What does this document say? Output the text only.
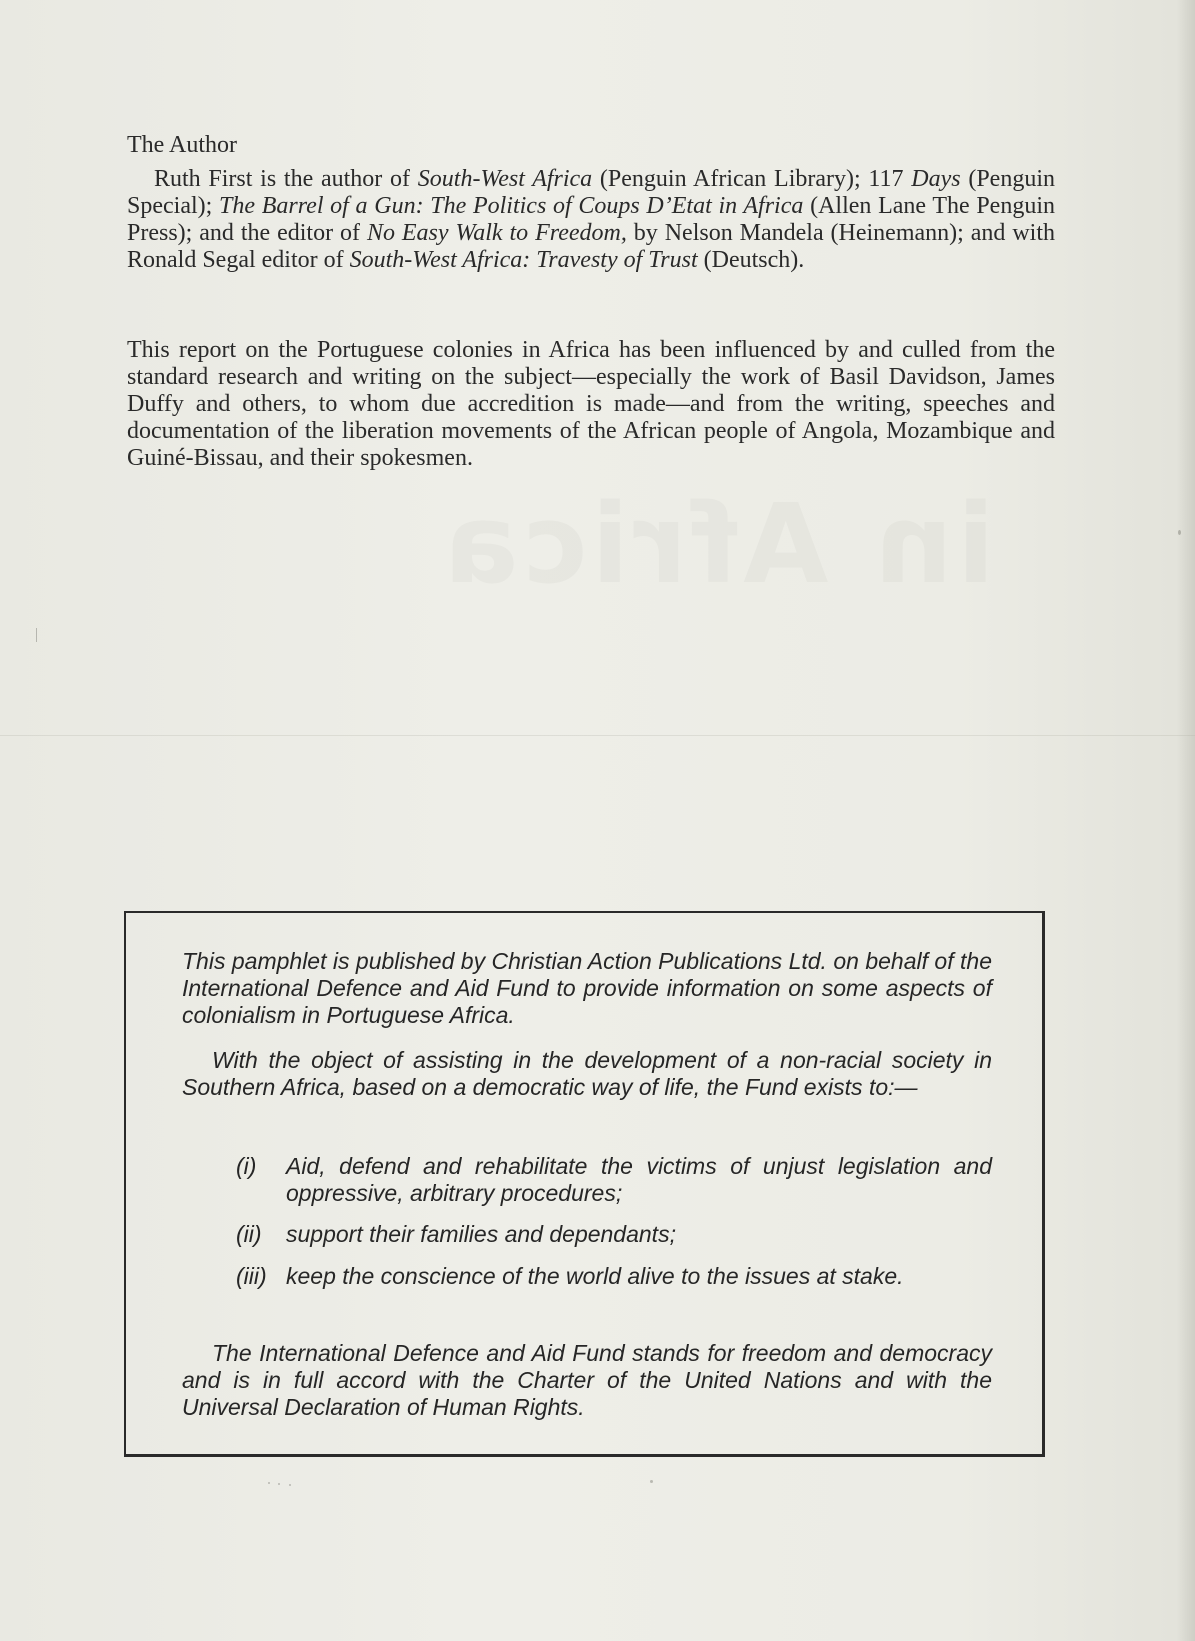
The Author

Ruth First is the author of South-West Africa (Penguin African Library); 117 Days (Penguin Special); The Barrel of a Gun: The Politics of Coups D’Etat in Africa (Allen Lane The Penguin Press); and the editor of No Easy Walk to Freedom, by Nelson Mandela (Heinemann); and with Ronald Segal editor of South-West Africa: Travesty of Trust (Deutsch).

This report on the Portuguese colonies in Africa has been influenced by and culled from the standard research and writing on the subject—especially the work of Basil Davidson, James Duffy and others, to whom due accredition is made—and from the writing, speeches and documentation of the liberation movements of the African people of Angola, Mozambique and Guiné-Bissau, and their spokesmen.

This pamphlet is published by Christian Action Publications Ltd. on behalf of the International Defence and Aid Fund to provide information on some aspects of colonialism in Portuguese Africa.

With the object of assisting in the development of a non-racial society in Southern Africa, based on a democratic way of life, the Fund exists to:—

(i)	Aid, defend and rehabilitate the victims of unjust legislation and oppressive, arbitrary procedures;
(ii)	support their families and dependants;
(iii) keep the conscience of the world alive to the issues at stake.

The International Defence and Aid Fund stands for freedom and democracy and is in full accord with the Charter of the United Nations and with the Universal Declaration of Human Rights.
